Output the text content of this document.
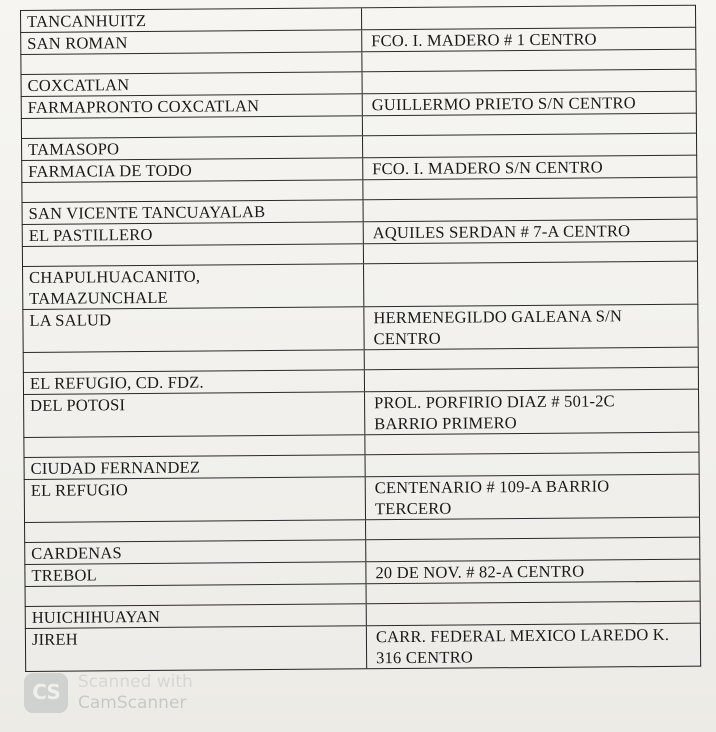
TANCANHUITZ
SAN ROMAN	FCO. I. MADERO # 1 CENTRO
COXCATLAN
FARMAPRONTO COXCATLAN	GUILLERMO PRIETO S/N CENTRO
TAMASOPO
FARMACIA DE TODO	FCO. I. MADERO S/N CENTRO
SAN VICENTE TANCUAYALAB
EL PASTILLERO	AQUILES SERDAN # 7-A CENTRO
CHAPULHUACANITO,
TAMAZUNCHALE
LA SALUD	HERMENEGILDO GALEANA S/N
CENTRO
EL REFUGIO, CD. FDZ.
DEL POTOSI	PROL. PORFIRIO DIAZ # 501-2C
BARRIO PRIMERO
CIUDAD FERNANDEZ
EL REFUGIO	CENTENARIO # 109-A BARRIO
TERCERO
CARDENAS
TREBOL	20 DE NOV. # 82-A CENTRO
HUICHIHUAYAN
JIREH	CARR. FEDERAL MEXICO LAREDO K.
316 CENTRO
CS	Scanned with
CamScanner
